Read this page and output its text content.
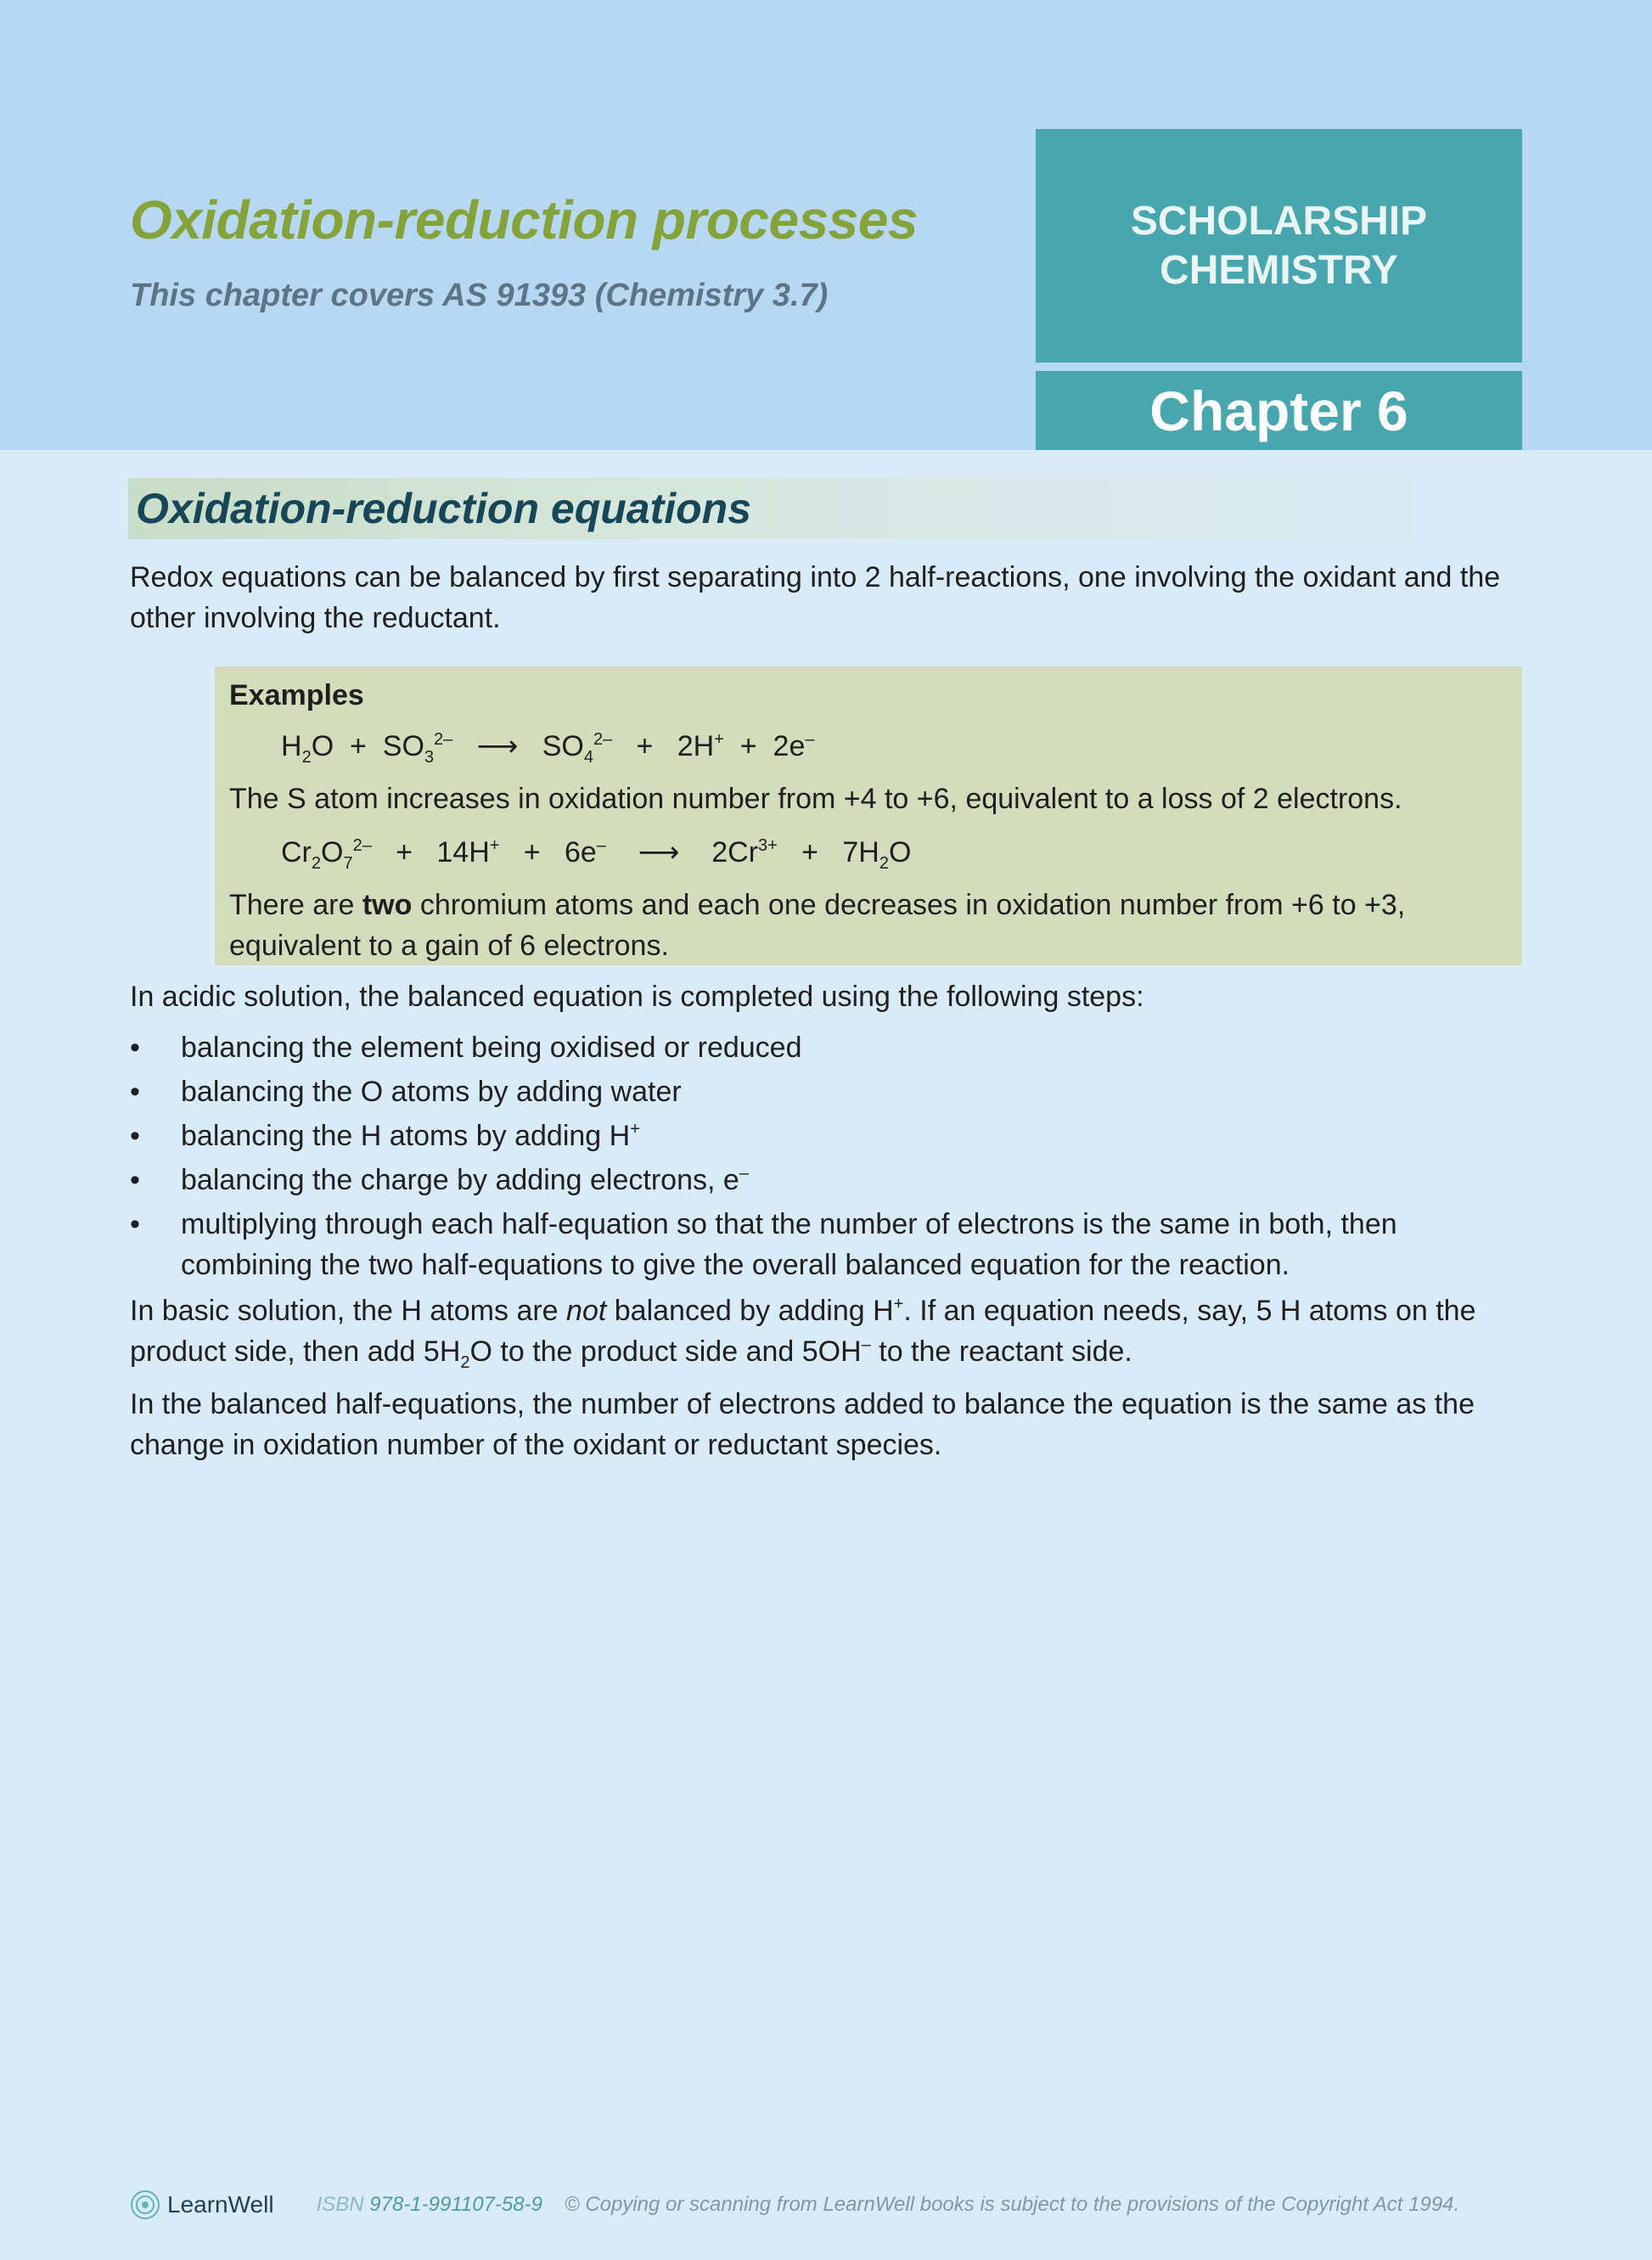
Oxidation-reduction processes

This chapter covers AS 91393 (Chemistry 3.7)

SCHOLARSHIP
CHEMISTRY
Chapter 6
Oxidation-reduction equations

Redox equations can be balanced by first separating into 2 half-reactions, one involving the oxidant and the other involving the reductant.

Examples

$H_2O + SO_3^{2-}$   ⟶   $SO_4^{2-} + 2H^+ + 2e^-$

The S atom increases in oxidation number from +4 to +6, equivalent to a loss of 2 electrons.

$Cr_2O_7^{2-} + 14H^+ + 6e^-$    ⟶    $2Cr^{3+} + 7H_2O$

There are two chromium atoms and each one decreases in oxidation number from +6 to +3, equivalent to a gain of 6 electrons.

In acidic solution, the balanced equation is completed using the following steps:

• balancing the element being oxidised or reduced
• balancing the O atoms by adding water
• balancing the H atoms by adding H+
• balancing the charge by adding electrons, e–
• multiplying through each half-equation so that the number of electrons is the same in both, then combining the two half-equations to give the overall balanced equation for the reaction.

In basic solution, the H atoms are not balanced by adding H+. If an equation needs, say, 5 H atoms on the product side, then add $5H_2O$ to the product side and 5OH– to the reactant side.

In the balanced half-equations, the number of electrons added to balance the equation is the same as the change in oxidation number of the oxidant or reductant species.

LearnWell ISBN 978-1-991107-58-9 © Copying or scanning from LearnWell books is subject to the provisions of the Copyright Act 1994.
